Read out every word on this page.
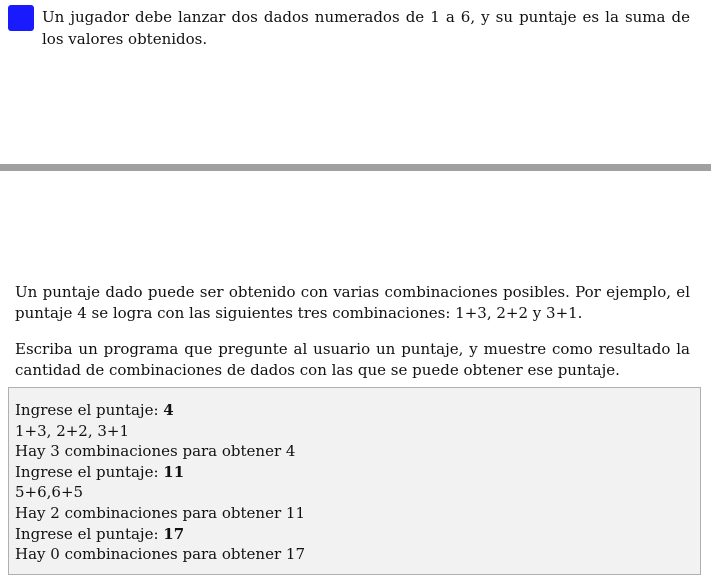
Un jugador debe lanzar dos dados numerados de 1 a 6, y su puntaje es la suma de los valores obtenidos.

Un puntaje dado puede ser obtenido con varias combinaciones posibles. Por ejemplo, el puntaje 4 se logra con las siguientes tres combinaciones: 1+3, 2+2 y 3+1.

Escriba un programa que pregunte al usuario un puntaje, y muestre como resultado la cantidad de combinaciones de dados con las que se puede obtener ese puntaje.

Ingrese el puntaje: 4
1+3, 2+2, 3+1
Hay 3 combinaciones para obtener 4
Ingrese el puntaje: 11
5+6,6+5
Hay 2 combinaciones para obtener 11
Ingrese el puntaje: 17
Hay 0 combinaciones para obtener 17
